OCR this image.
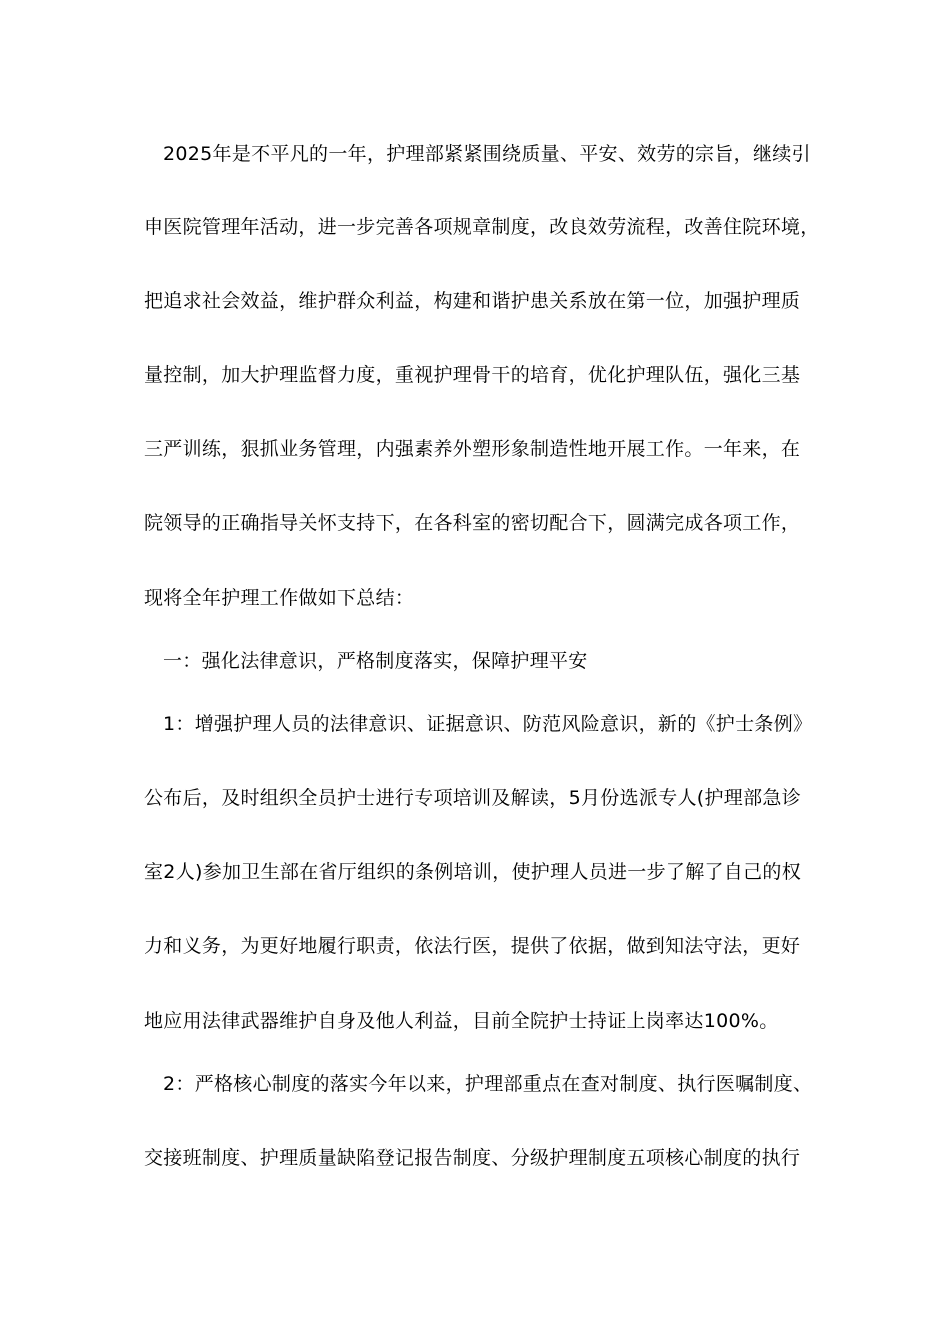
2025年是不平凡的一年，护理部紧紧围绕质量、平安、效劳的宗旨，继续引
申医院管理年活动，进一步完善各项规章制度，改良效劳流程，改善住院环境，
把追求社会效益，维护群众利益，构建和谐护患关系放在第一位，加强护理质
量控制，加大护理监督力度，重视护理骨干的培育，优化护理队伍，强化三基
三严训练，狠抓业务管理，内强素养外塑形象制造性地开展工作。一年来，在
院领导的正确指导关怀支持下，在各科室的密切配合下，圆满完成各项工作，
现将全年护理工作做如下总结：
一：强化法律意识，严格制度落实，保障护理平安
1：增强护理人员的法律意识、证据意识、防范风险意识，新的《护士条例》
公布后，及时组织全员护士进行专项培训及解读，5月份选派专人(护理部急诊
室2人)参加卫生部在省厅组织的条例培训，使护理人员进一步了解了自己的权
力和义务，为更好地履行职责，依法行医，提供了依据，做到知法守法，更好
地应用法律武器维护自身及他人利益，目前全院护士持证上岗率达100%。
2：严格核心制度的落实今年以来，护理部重点在查对制度、执行医嘱制度、
交接班制度、护理质量缺陷登记报告制度、分级护理制度五项核心制度的执行
